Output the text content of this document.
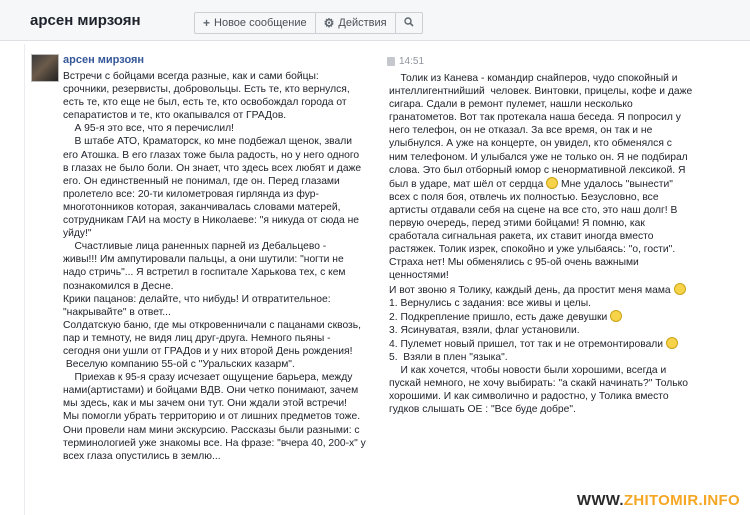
арсен мирзоян	+ Новое сообщение ⚙ Действия
арсен мирзоян	14:51

Встречи с бойцами всегда разные, как и сами бойцы:

срочники, резервисты, добровольцы. Есть те, кто вернулся,

есть те, кто еще не был, есть те, кто освобождал города от

сепаратистов и те, кто окапывался от ГРАДов.

А 95-я это все, что я перечислил!

В штабе АТО, Краматорск, ко мне подбежал щенок, звали

его Атошка. В его глазах тоже была радость, но у него одного

в глазах не было боли. Он знает, что здесь всех любят и даже

его. Он единственный не понимал, где он. Перед глазами

пролетело все: 20-ти километровая гирлянда из фур-

многотонников которая, заканчивалась словами матерей,

сотрудникам ГАИ на мосту в Николаеве: "я никуда от сюда не

уйду!"

Счастливые лица раненных парней из Дебальцево -

живы!!! Им ампутировали пальцы, а они шутили: "ногти не

надо стричь"... Я встретил в госпитале Харькова тех, с кем

познакомился в Десне.

Крики пацанов: делайте, что нибудь! И отвратительное:

"накрывайте" в ответ...

Солдатскую баню, где мы откровенничали с пацанами сквозь,

пар и темноту, не видя лиц друг-друга. Немного пьяны -

сегодня они ушли от ГРАДов и у них второй День рождения!

Веселую компанию 55-ой с "Уральских казарм".

Приехав к 95-я сразу исчезает ощущение барьера, между

нами(артистами) и бойцами ВДВ. Они четко понимают, зачем

мы здесь, как и мы зачем они тут. Они ждали этой встречи!

Мы помогли убрать территорию и от лишних предметов тоже.

Они провели нам мини экскурсию. Рассказы были разными: с

терминологией уже знакомы все. На фразе: "вчера 40, 200-х" у

всех глаза опустились в землю...

Толик из Канева - командир снайперов, чудо спокойный и

интеллигентнийший  человек. Винтовки, прицелы, кофе и даже

сигара. Сдали в ремонт пулемет, нашли несколько

гранатометов. Вот так протекала наша беседа. Я попросил у

него телефон, он не отказал. За все время, он так и не

улыбнулся. А уже на концерте, он увидел, кто обменялся с

ним телефоном. И улыбался уже не только он. Я не подбирал

слова. Это был отборный юмор с ненормативной лексикой. Я

был в ударе, мат шёл от сердца  Мне удалось "вынести"

всех с поля боя, отвлечь их полностью. Безусловно, все

артисты отдавали себя на сцене на все сто, это наш долг! В

первую очередь, перед этими бойцами! Я помню, как

сработала сигнальная ракета, их ставит иногда вместо

растяжек. Толик изрек, спокойно и уже улыбаясь: "о, гости".

Страха нет! Мы обменялись с 95-ой очень важными

ценностями!

И вот звоню я Толику, каждый день, да простит меня мама

1. Вернулись с задания: все живы и целы.

2. Подкрепление пришло, есть даже девушки

3. Ясинуватая, взяли, флаг установили.

4. Пулемет новый пришел, тот так и не отремонтировали

5.  Взяли в плен "языка".

И как хочется, чтобы новости были хорошими, всегда и

пускай немного, не хочу выбирать: "а скакй начинать?" Только

хорошими. И как символично и радостно, у Толика вместо

гудков слышать ОЕ : "Все буде добре".

WWW.ZHITOMIR.INFO
